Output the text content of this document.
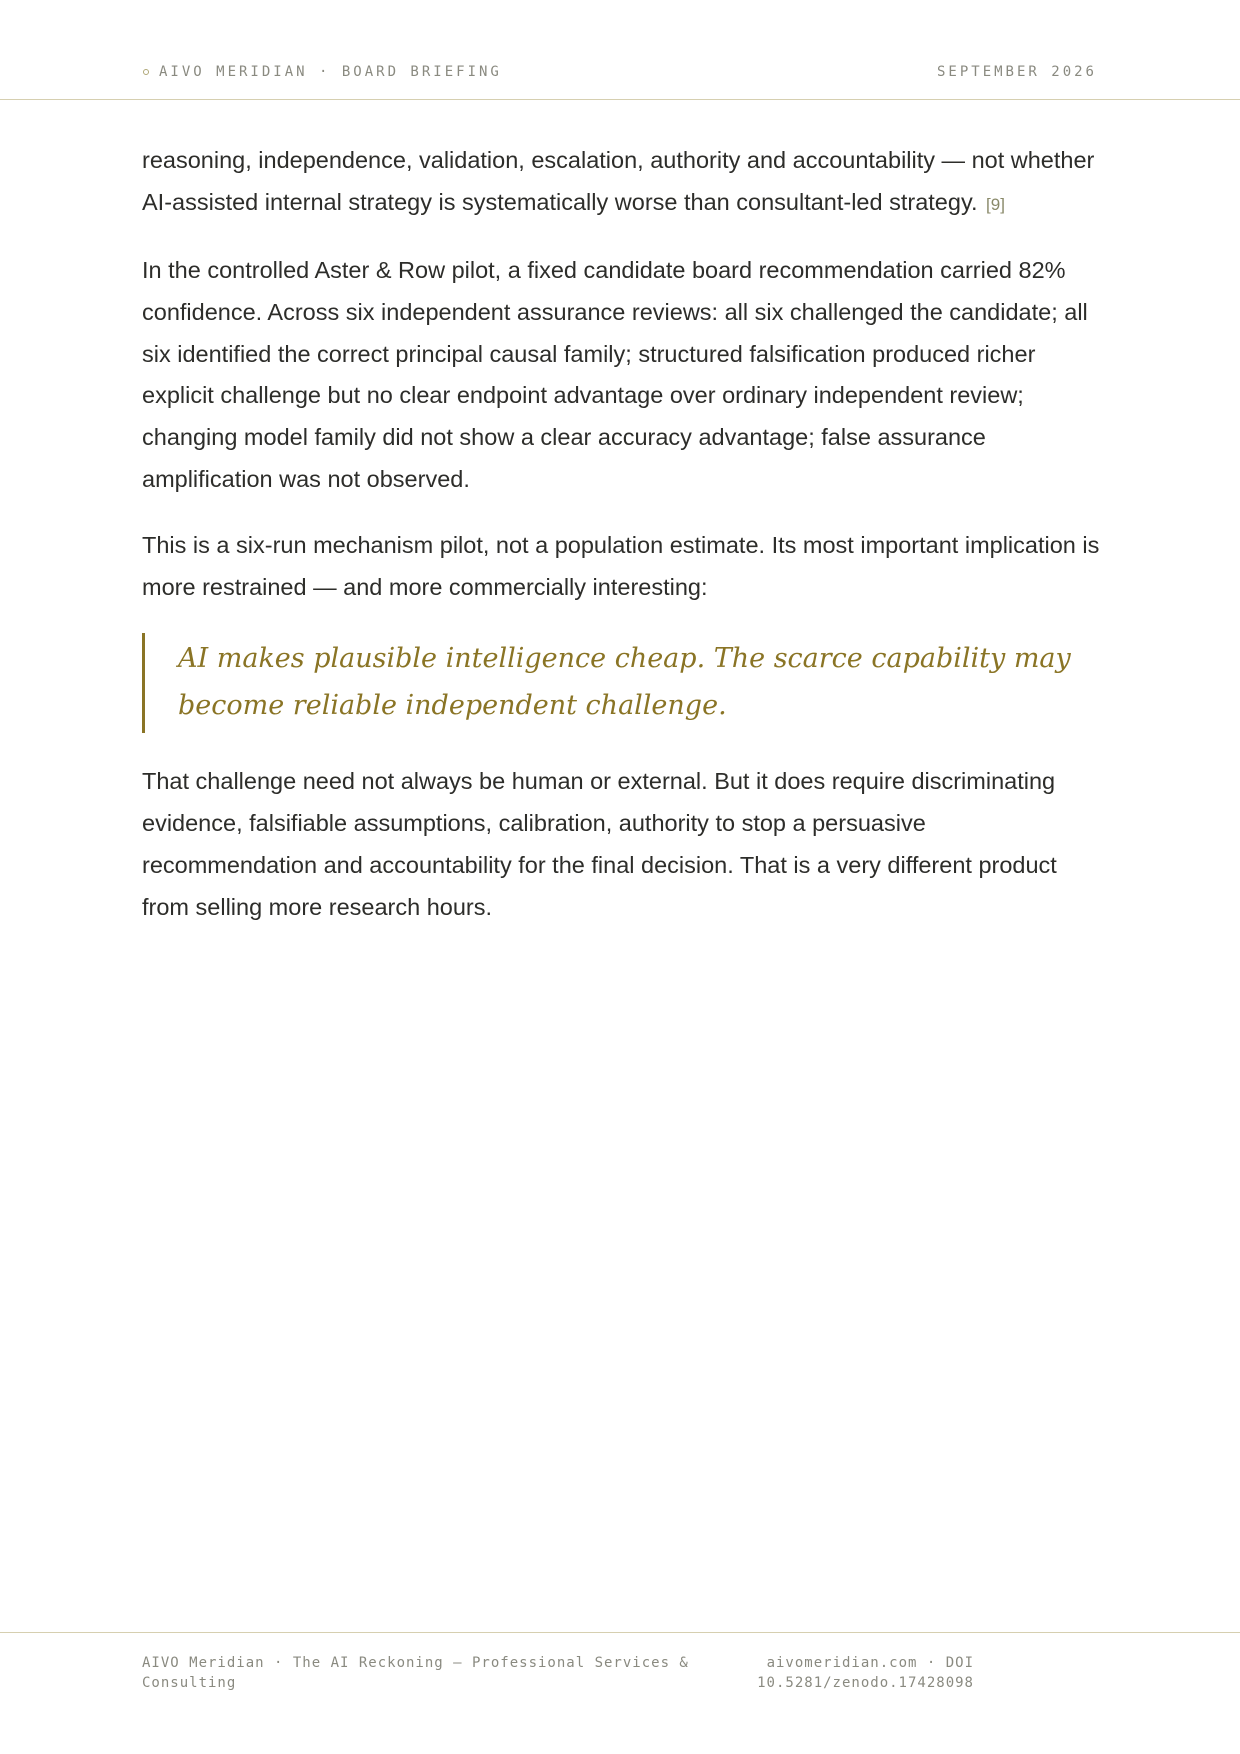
AIVO MERIDIAN · BOARD BRIEFING	SEPTEMBER 2026

reasoning, independence, validation, escalation, authority and accountability — not whether AI-assisted internal strategy is systematically worse than consultant-led strategy. [9]

In the controlled Aster & Row pilot, a fixed candidate board recommendation carried 82% confidence. Across six independent assurance reviews: all six challenged the candidate; all six identified the correct principal causal family; structured falsification produced richer explicit challenge but no clear endpoint advantage over ordinary independent review; changing model family did not show a clear accuracy advantage; false assurance amplification was not observed.

This is a six-run mechanism pilot, not a population estimate. Its most important implication is more restrained — and more commercially interesting:

AI makes plausible intelligence cheap. The scarce capability may become reliable independent challenge.

That challenge need not always be human or external. But it does require discriminating evidence, falsifiable assumptions, calibration, authority to stop a persuasive recommendation and accountability for the final decision. That is a very different product from selling more research hours.

AIVO Meridian · The AI Reckoning — Professional Services & Consulting
aivomeridian.com · DOI 10.5281/zenodo.17428098
